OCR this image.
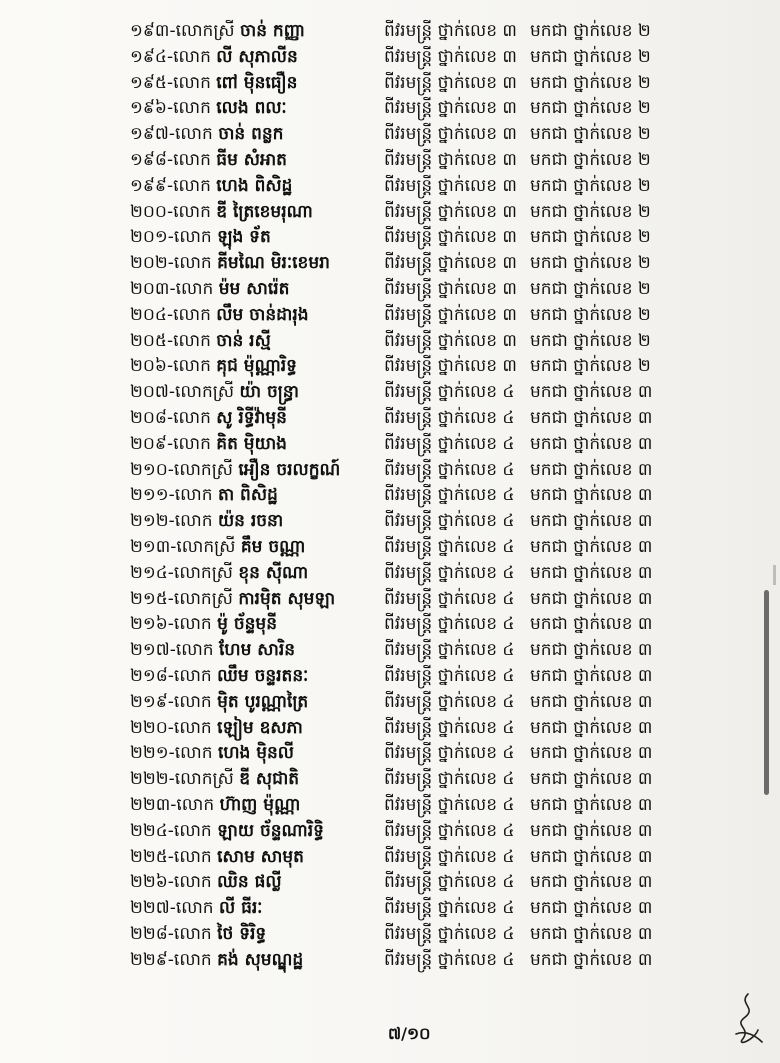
១៩៣-លោកស្រី ចាន់ កញ្ញា	ពីវរមន្ត្រី ថ្នាក់លេខ ៣ មកជា ថ្នាក់លេខ ២
១៩៤-លោក លី សុភាលីន	ពីវរមន្ត្រី ថ្នាក់លេខ ៣ មកជា ថ្នាក់លេខ ២
១៩៥-លោក ពៅ ម៉ិនធឿន	ពីវរមន្ត្រី ថ្នាក់លេខ ៣ មកជា ថ្នាក់លេខ ២
១៩៦-លោក លេង ពលៈ	ពីវរមន្ត្រី ថ្នាក់លេខ ៣ មកជា ថ្នាក់លេខ ២
១៩៧-លោក ចាន់ ពន្លក	ពីវរមន្ត្រី ថ្នាក់លេខ ៣ មកជា ថ្នាក់លេខ ២
១៩៨-លោក ធីម សំអាត	ពីវរមន្ត្រី ថ្នាក់លេខ ៣ មកជា ថ្នាក់លេខ ២
១៩៩-លោក ហេង ពិសិដ្ឋ	ពីវរមន្ត្រី ថ្នាក់លេខ ៣ មកជា ថ្នាក់លេខ ២
២០០-លោក ឌី ត្រៃខេមរុណា	ពីវរមន្ត្រី ថ្នាក់លេខ ៣ មកជា ថ្នាក់លេខ ២
២០១-លោក ឡុង ទ័ត	ពីវរមន្ត្រី ថ្នាក់លេខ ៣ មកជា ថ្នាក់លេខ ២
២០២-លោក គីមណៃ មិរៈខេមរា	ពីវរមន្ត្រី ថ្នាក់លេខ ៣ មកជា ថ្នាក់លេខ ២
២០៣-លោក ម៉ម សារ៉េត	ពីវរមន្ត្រី ថ្នាក់លេខ ៣ មកជា ថ្នាក់លេខ ២
២០៤-លោក លឹម ចាន់ដារុង	ពីវរមន្ត្រី ថ្នាក់លេខ ៣ មកជា ថ្នាក់លេខ ២
២០៥-លោក ចាន់ រស្មី	ពីវរមន្ត្រី ថ្នាក់លេខ ៣ មកជា ថ្នាក់លេខ ២
២០៦-លោក គុជ ម៉ុណ្ណារិទ្ធ	ពីវរមន្ត្រី ថ្នាក់លេខ ៣ មកជា ថ្នាក់លេខ ២
២០៧-លោកស្រី យ៉ា ចន្ធ្រា	ពីវរមន្ត្រី ថ្នាក់លេខ ៤ មកជា ថ្នាក់លេខ ៣
២០៨-លោក សូ រិទ្ធីវ៉ាមុនី	ពីវរមន្ត្រី ថ្នាក់លេខ ៤ មកជា ថ្នាក់លេខ ៣
២០៩-លោក គិត ម៉ិយាង	ពីវរមន្ត្រី ថ្នាក់លេខ ៤ មកជា ថ្នាក់លេខ ៣
២១០-លោកស្រី អឿន ចរលក្ខណ៍	ពីវរមន្ត្រី ថ្នាក់លេខ ៤ មកជា ថ្នាក់លេខ ៣
២១១-លោក តា ពិសិដ្ឋ	ពីវរមន្ត្រី ថ្នាក់លេខ ៤ មកជា ថ្នាក់លេខ ៣
២១២-លោក យ៉ន រចនា	ពីវរមន្ត្រី ថ្នាក់លេខ ៤ មកជា ថ្នាក់លេខ ៣
២១៣-លោកស្រី គឹម ចណ្ណា	ពីវរមន្ត្រី ថ្នាក់លេខ ៤ មកជា ថ្នាក់លេខ ៣
២១៤-លោកស្រី ខុន ស៊ីណា	ពីវរមន្ត្រី ថ្នាក់លេខ ៤ មកជា ថ្នាក់លេខ ៣
២១៥-លោកស្រី ការម៉ិត សុមឡា	ពីវរមន្ត្រី ថ្នាក់លេខ ៤ មកជា ថ្នាក់លេខ ៣
២១៦-លោក ម៉ូ ច័ន្ទមុនី	ពីវរមន្ត្រី ថ្នាក់លេខ ៤ មកជា ថ្នាក់លេខ ៣
២១៧-លោក ហែម សារិន	ពីវរមន្ត្រី ថ្នាក់លេខ ៤ មកជា ថ្នាក់លេខ ៣
២១៨-លោក ឈឹម ចន្ទរតនៈ	ពីវរមន្ត្រី ថ្នាក់លេខ ៤ មកជា ថ្នាក់លេខ ៣
២១៩-លោក ម៉ិត បូរណ្ណាត្រៃ	ពីវរមន្ត្រី ថ្នាក់លេខ ៤ មកជា ថ្នាក់លេខ ៣
២២០-លោក ឡៀម ឧសភា	ពីវរមន្ត្រី ថ្នាក់លេខ ៤ មកជា ថ្នាក់លេខ ៣
២២១-លោក ហេង ម៉ិនលី	ពីវរមន្ត្រី ថ្នាក់លេខ ៤ មកជា ថ្នាក់លេខ ៣
២២២-លោកស្រី ឌី សុជាតិ	ពីវរមន្ត្រី ថ្នាក់លេខ ៤ មកជា ថ្នាក់លេខ ៣
២២៣-លោក ហ៊ាញ ម៉ុណ្ណា	ពីវរមន្ត្រី ថ្នាក់លេខ ៤ មកជា ថ្នាក់លេខ ៣
២២៤-លោក ឡាយ ច័ន្ទណារិទ្ធិ	ពីវរមន្ត្រី ថ្នាក់លេខ ៤ មកជា ថ្នាក់លេខ ៣
២២៥-លោក សោម សាមុត	ពីវរមន្ត្រី ថ្នាក់លេខ ៤ មកជា ថ្នាក់លេខ ៣
២២៦-លោក ឈិន ផល្លី	ពីវរមន្ត្រី ថ្នាក់លេខ ៤ មកជា ថ្នាក់លេខ ៣
២២៧-លោក លី ធីរៈ	ពីវរមន្ត្រី ថ្នាក់លេខ ៤ មកជា ថ្នាក់លេខ ៣
២២៨-លោក ថៃ ទិរិទ្ធ	ពីវរមន្ត្រី ថ្នាក់លេខ ៤ មកជា ថ្នាក់លេខ ៣
២២៩-លោក គង់ សុមណ្ឌុដ្ឋ	ពីវរមន្ត្រី ថ្នាក់លេខ ៤ មកជា ថ្នាក់លេខ ៣
៧/១០
